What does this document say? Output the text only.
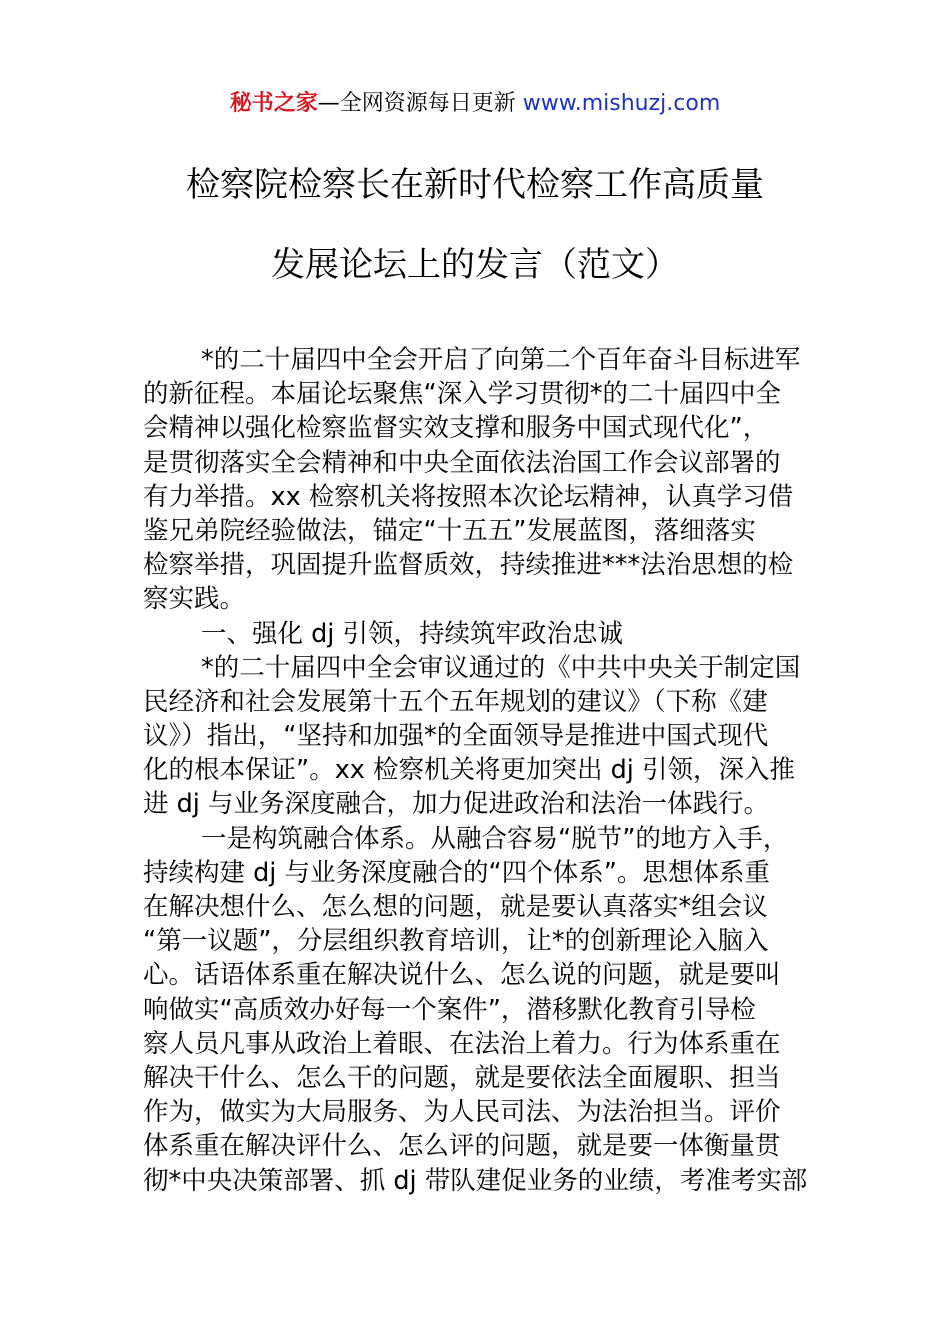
秘书之家—全网资源每日更新 www.mishuzj.com
检察院检察长在新时代检察工作高质量
发展论坛上的发言（范文）
*的二十届四中全会开启了向第二个百年奋斗目标进军
的新征程。本届论坛聚焦“深入学习贯彻*的二十届四中全
会精神以强化检察监督实效支撑和服务中国式现代化”，
是贯彻落实全会精神和中央全面依法治国工作会议部署的
有力举措。xx 检察机关将按照本次论坛精神，认真学习借
鉴兄弟院经验做法，锚定“十五五”发展蓝图，落细落实
检察举措，巩固提升监督质效，持续推进***法治思想的检
察实践。
一、强化 dj 引领，持续筑牢政治忠诚
*的二十届四中全会审议通过的《中共中央关于制定国
民经济和社会发展第十五个五年规划的建议》（下称《建
议》）指出，“坚持和加强*的全面领导是推进中国式现代
化的根本保证”。xx 检察机关将更加突出 dj 引领，深入推
进 dj 与业务深度融合，加力促进政治和法治一体践行。
一是构筑融合体系。从融合容易“脱节”的地方入手，
持续构建 dj 与业务深度融合的“四个体系”。思想体系重
在解决想什么、怎么想的问题，就是要认真落实*组会议
“第一议题”，分层组织教育培训，让*的创新理论入脑入
心。话语体系重在解决说什么、怎么说的问题，就是要叫
响做实“高质效办好每一个案件”，潜移默化教育引导检
察人员凡事从政治上着眼、在法治上着力。行为体系重在
解决干什么、怎么干的问题，就是要依法全面履职、担当
作为，做实为大局服务、为人民司法、为法治担当。评价
体系重在解决评什么、怎么评的问题，就是要一体衡量贯
彻*中央决策部署、抓 dj 带队建促业务的业绩，考准考实部
